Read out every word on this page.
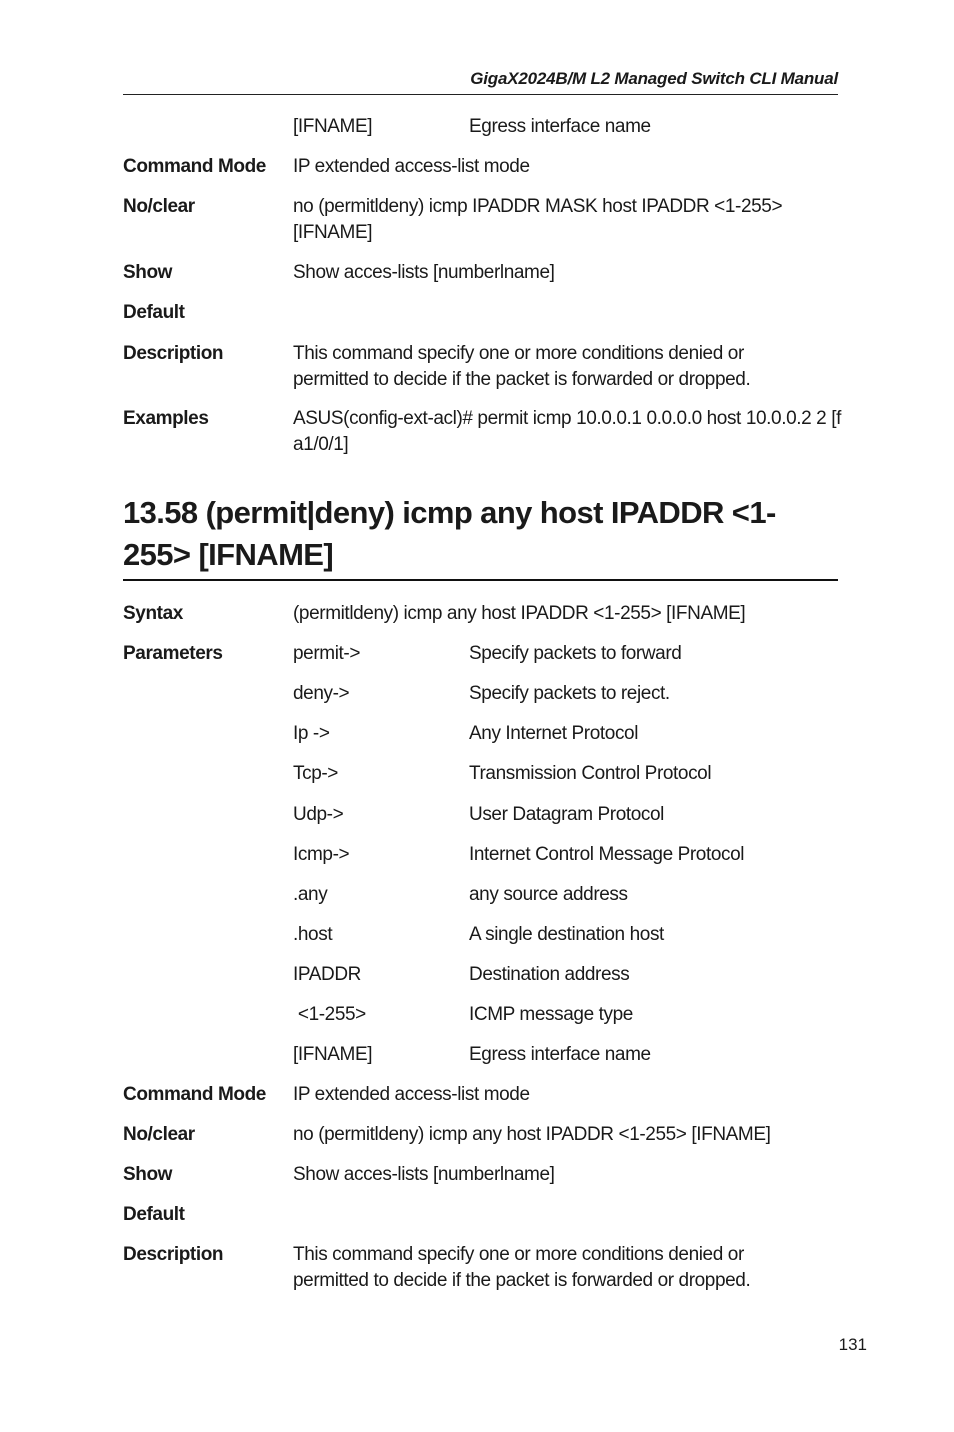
GigaX2024B/M L2 Managed Switch CLI Manual
[IFNAME]	Egress interface name
Command Mode	IP extended access-list mode
No/clear	no (permitldeny) icmp IPADDR MASK host IPADDR <1-255> [IFNAME]
Show	Show acces-lists [numberlname]
Default
Description	This command specify one or more conditions denied or permitted to decide if the packet is forwarded or dropped.
Examples	ASUS(config-ext-acl)# permit icmp 10.0.0.1 0.0.0.0 host 10.0.0.2 2 [fa1/0/1]
13.58 (permit|deny) icmp any host IPADDR <1-255> [IFNAME]
Syntax	(permitldeny) icmp any host IPADDR <1-255> [IFNAME]
Parameters	permit->	Specify packets to forward
deny->	Specify packets to reject.
Ip ->	Any Internet Protocol
Tcp->	Transmission Control Protocol
Udp->	User Datagram Protocol
Icmp->	Internet Control Message Protocol
.any	any source address
.host	A single destination host
IPADDR	Destination address
<1-255>	ICMP message type
[IFNAME]	Egress interface name
Command Mode	IP extended access-list mode
No/clear	no (permitldeny) icmp any host IPADDR <1-255> [IFNAME]
Show	Show acces-lists [numberlname]
Default
Description	This command specify one or more conditions denied or permitted to decide if the packet is forwarded or dropped.
131
